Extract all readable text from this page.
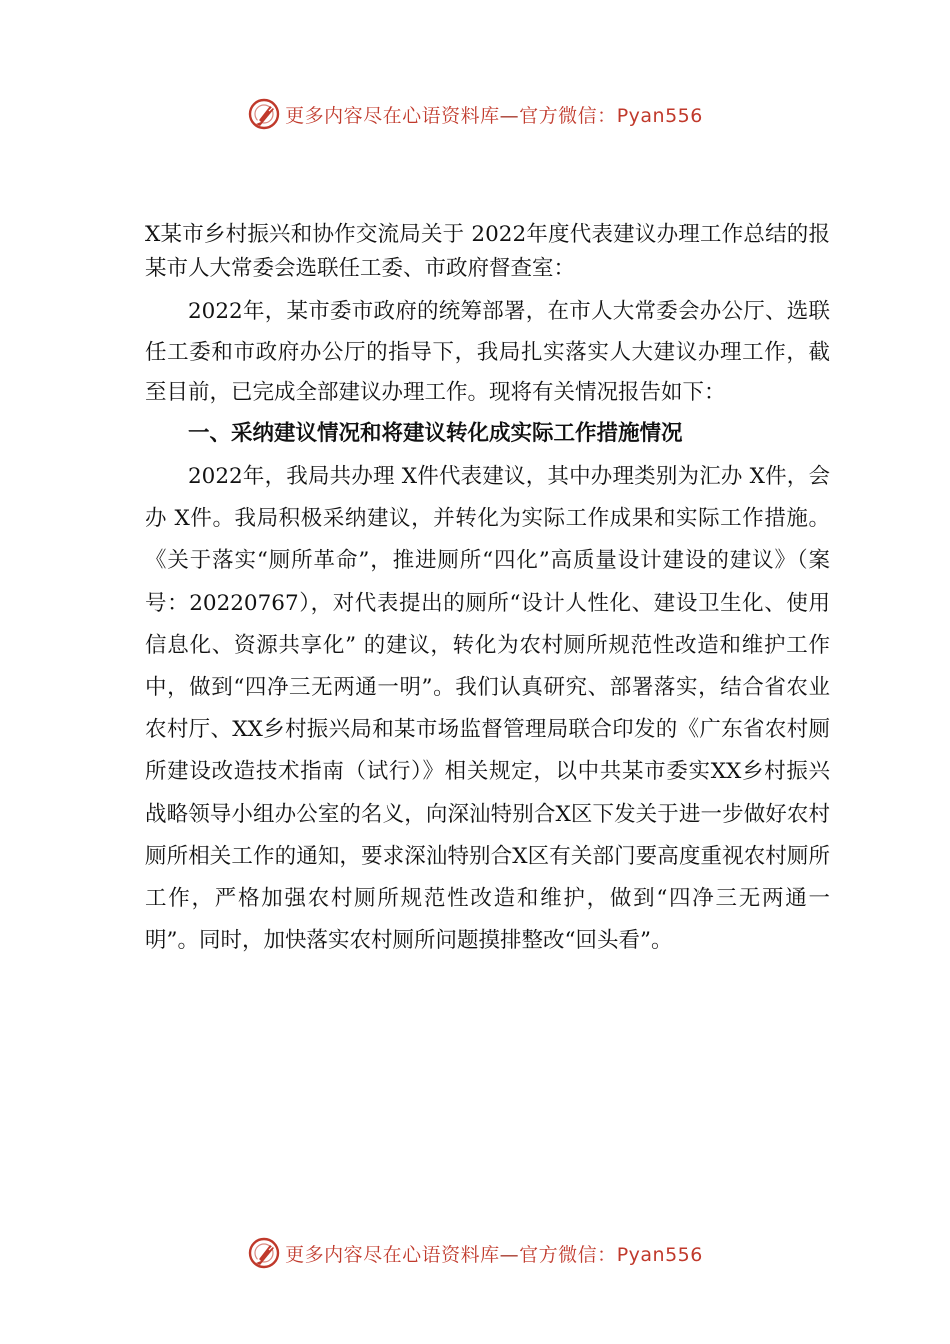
更多内容尽在心语资料库—官方微信：Pyan556
X某市乡村振兴和协作交流局关于 2022年度代表建议办理工作总结的报某市人大常委会选联任工委、市政府督查室：

2022年，某市委市政府的统筹部署，在市人大常委会办公厅、选联任工委和市政府办公厅的指导下，我局扎实落实人大建议办理工作，截至目前，已完成全部建议办理工作。现将有关情况报告如下：

一、采纳建议情况和将建议转化成实际工作措施情况

2022年，我局共办理 X件代表建议，其中办理类别为汇办 X件，会办 X件。我局积极采纳建议，并转化为实际工作成果和实际工作措施。《关于落实“厕所革命”，推进厕所“四化”高质量设计建设的建议》（案号：20220767），对代表提出的厕所“设计人性化、建设卫生化、使用信息化、资源共享化” 的建议，转化为农村厕所规范性改造和维护工作中，做到“四净三无两通一明”。我们认真研究、部署落实，结合省农业农村厅、XX乡村振兴局和某市场监督管理局联合印发的《广东省农村厕所建设改造技术指南（试行）》相关规定，以中共某市委实XX乡村振兴战略领导小组办公室的名义，向深汕特别合X区下发关于进一步做好农村厕所相关工作的通知，要求深汕特别合X区有关部门要高度重视农村厕所工作，严格加强农村厕所规范性改造和维护，做到“四净三无两通一明”。同时，加快落实农村厕所问题摸排整改“回头看”。

更多内容尽在心语资料库—官方微信：Pyan556
